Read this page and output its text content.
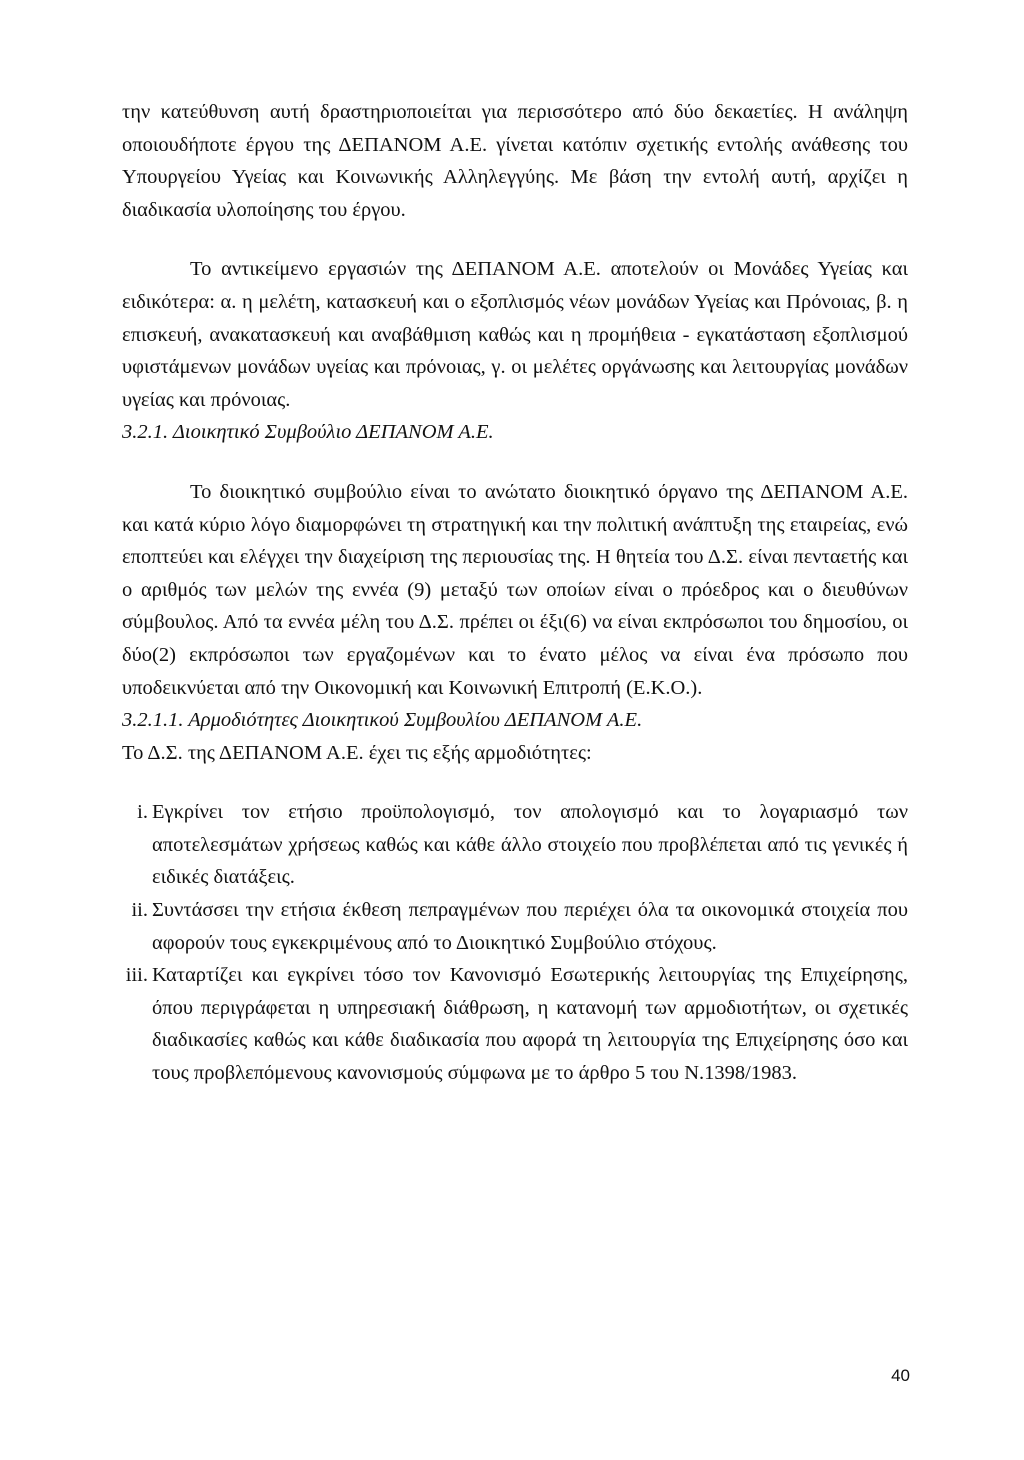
την κατεύθυνση αυτή δραστηριοποιείται για περισσότερο από δύο δεκαετίες. Η ανάληψη οποιουδήποτε έργου της ΔΕΠΑΝΟΜ Α.Ε. γίνεται κατόπιν σχετικής εντολής ανάθεσης του Υπουργείου Υγείας και Κοινωνικής Αλληλεγγύης. Με βάση την εντολή αυτή, αρχίζει η διαδικασία υλοποίησης του έργου.

Το αντικείμενο εργασιών της ΔΕΠΑΝΟΜ Α.Ε. αποτελούν οι Μονάδες Υγείας και ειδικότερα: α. η μελέτη, κατασκευή και ο εξοπλισμός νέων μονάδων Υγείας και Πρόνοιας, β. η επισκευή, ανακατασκευή και αναβάθμιση καθώς και η προμήθεια - εγκατάσταση εξοπλισμού υφιστάμενων μονάδων υγείας και πρόνοιας, γ. οι μελέτες οργάνωσης και λειτουργίας μονάδων υγείας και πρόνοιας.

3.2.1. Διοικητικό Συμβούλιο ΔΕΠΑΝΟΜ Α.Ε.

Το διοικητικό συμβούλιο είναι το ανώτατο διοικητικό όργανο της ΔΕΠΑΝΟΜ Α.Ε. και κατά κύριο λόγο διαμορφώνει τη στρατηγική και την πολιτική ανάπτυξη της εταιρείας, ενώ εποπτεύει και ελέγχει την διαχείριση της περιουσίας της. Η θητεία του Δ.Σ. είναι πενταετής και ο αριθμός των μελών της εννέα (9) μεταξύ των οποίων είναι ο πρόεδρος και ο διευθύνων σύμβουλος. Από τα εννέα μέλη του Δ.Σ. πρέπει οι έξι(6) να είναι εκπρόσωποι του δημοσίου, οι δύο(2) εκπρόσωποι των εργαζομένων και το ένατο μέλος να είναι ένα πρόσωπο που υποδεικνύεται από την Οικονομική και Κοινωνική Επιτροπή (Ε.Κ.Ο.).

3.2.1.1. Αρμοδιότητες Διοικητικού Συμβουλίου ΔΕΠΑΝΟΜ Α.Ε.

Το Δ.Σ. της ΔΕΠΑΝΟΜ Α.Ε. έχει τις εξής αρμοδιότητες:

i. Εγκρίνει τον ετήσιο προϋπολογισμό, τον απολογισμό και το λογαριασμό των αποτελεσμάτων χρήσεως καθώς και κάθε άλλο στοιχείο που προβλέπεται από τις γενικές ή ειδικές διατάξεις.
ii. Συντάσσει την ετήσια έκθεση πεπραγμένων που περιέχει όλα τα οικονομικά στοιχεία που αφορούν τους εγκεκριμένους από το Διοικητικό Συμβούλιο στόχους.
iii. Καταρτίζει και εγκρίνει τόσο τον Κανονισμό Εσωτερικής λειτουργίας της Επιχείρησης, όπου περιγράφεται η υπηρεσιακή διάθρωση, η κατανομή των αρμοδιοτήτων, οι σχετικές διαδικασίες καθώς και κάθε διαδικασία που αφορά τη λειτουργία της Επιχείρησης όσο και τους προβλεπόμενους κανονισμούς σύμφωνα με το άρθρο 5 του Ν.1398/1983.
40
